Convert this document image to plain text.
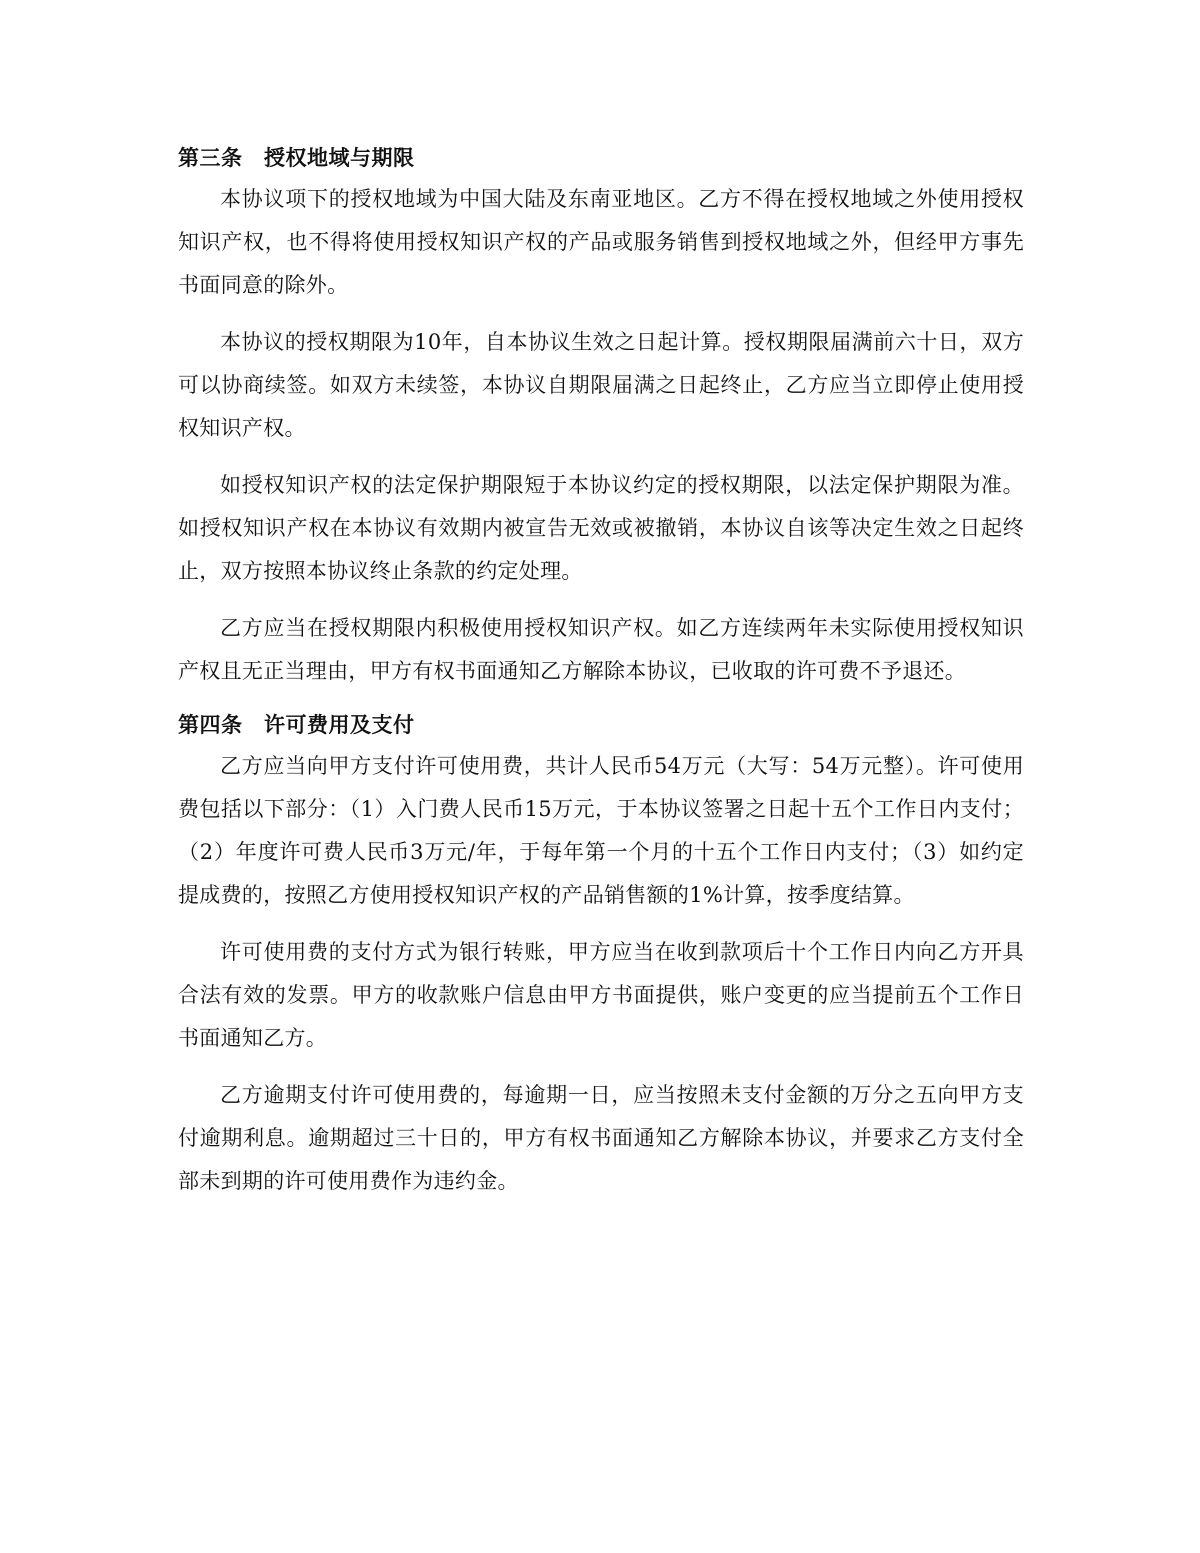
第三条　授权地域与期限

本协议项下的授权地域为中国大陆及东南亚地区。乙方不得在授权地域之外使用授权知识产权，也不得将使用授权知识产权的产品或服务销售到授权地域之外，但经甲方事先书面同意的除外。

本协议的授权期限为10年，自本协议生效之日起计算。授权期限届满前六十日，双方可以协商续签。如双方未续签，本协议自期限届满之日起终止，乙方应当立即停止使用授权知识产权。

如授权知识产权的法定保护期限短于本协议约定的授权期限，以法定保护期限为准。如授权知识产权在本协议有效期内被宣告无效或被撤销，本协议自该等决定生效之日起终止，双方按照本协议终止条款的约定处理。

乙方应当在授权期限内积极使用授权知识产权。如乙方连续两年未实际使用授权知识产权且无正当理由，甲方有权书面通知乙方解除本协议，已收取的许可费不予退还。

第四条　许可费用及支付

乙方应当向甲方支付许可使用费，共计人民币54万元（大写：54万元整）。许可使用费包括以下部分：（1）入门费人民币15万元，于本协议签署之日起十五个工作日内支付；（2）年度许可费人民币3万元/年，于每年第一个月的十五个工作日内支付；（3）如约定提成费的，按照乙方使用授权知识产权的产品销售额的1%计算，按季度结算。

许可使用费的支付方式为银行转账，甲方应当在收到款项后十个工作日内向乙方开具合法有效的发票。甲方的收款账户信息由甲方书面提供，账户变更的应当提前五个工作日书面通知乙方。

乙方逾期支付许可使用费的，每逾期一日，应当按照未支付金额的万分之五向甲方支付逾期利息。逾期超过三十日的，甲方有权书面通知乙方解除本协议，并要求乙方支付全部未到期的许可使用费作为违约金。
